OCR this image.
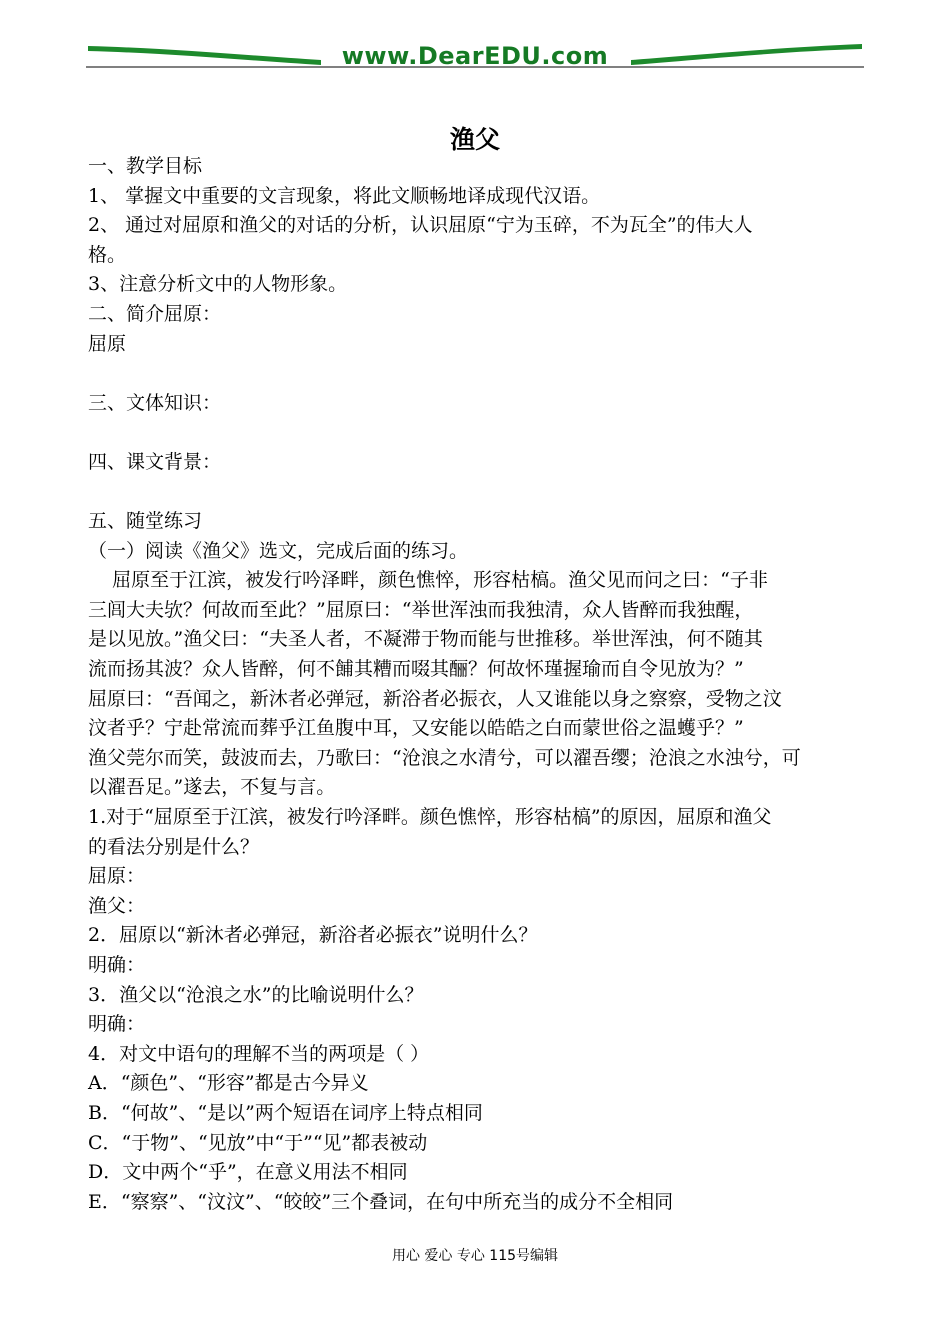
www.DearEDU.com
渔父
一、教学目标
1、 掌握文中重要的文言现象，将此文顺畅地译成现代汉语。
2、 通过对屈原和渔父的对话的分析，认识屈原“宁为玉碎，不为瓦全”的伟大人
格。
3、注意分析文中的人物形象。
二、简介屈原：
屈原
三、文体知识：
四、课文背景：
五、随堂练习
（一）阅读《渔父》选文，完成后面的练习。
屈原至于江滨，被发行吟泽畔，颜色憔悴，形容枯槁。渔父见而问之曰：“子非
三闾大夫欤？何故而至此？”屈原曰：“举世浑浊而我独清，众人皆醉而我独醒，
是以见放。”渔父曰：“夫圣人者，不凝滞于物而能与世推移。举世浑浊，何不随其
流而扬其波？众人皆醉，何不餔其糟而啜其酾？何故怀瑾握瑜而自令见放为？”
屈原曰：“吾闻之，新沐者必弹冠，新浴者必振衣，人又谁能以身之察察，受物之汶
汶者乎？宁赴常流而葬乎江鱼腹中耳，又安能以皓皓之白而蒙世俗之温蠖乎？”
渔父莞尔而笑，鼓波而去，乃歌曰：“沧浪之水清兮，可以濯吾缨；沧浪之水浊兮，可
以濯吾足。”遂去，不复与言。
1.对于“屈原至于江滨，被发行吟泽畔。颜色憔悴，形容枯槁”的原因，屈原和渔父
的看法分别是什么？
屈原：
渔父：
2．屈原以“新沐者必弹冠，新浴者必振衣”说明什么？
明确：
3．渔父以“沧浪之水”的比喻说明什么？
明确：
4．对文中语句的理解不当的两项是（ ）
A．“颜色”、“形容”都是古今异义
B．“何故”、“是以”两个短语在词序上特点相同
C．“于物”、“见放”中“于”“见”都表被动
D．文中两个“乎”，在意义用法不相同
E．“察察”、“汶汶”、“皎皎”三个叠词，在句中所充当的成分不全相同
用心 爱心 专心 115号编辑
